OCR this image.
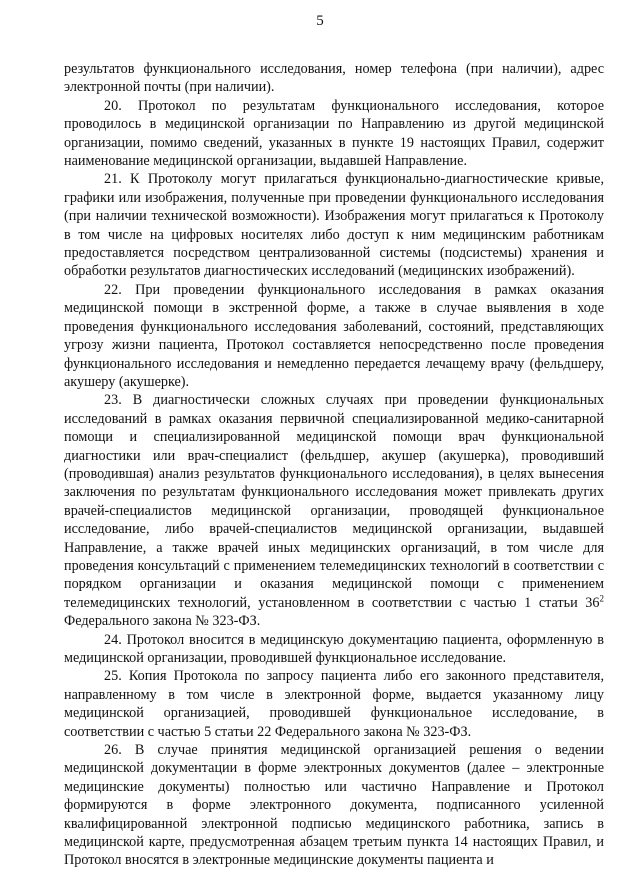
5

результатов функционального исследования, номер телефона (при наличии), адрес электронной почты (при наличии).

20. Протокол по результатам функционального исследования, которое проводилось в медицинской организации по Направлению из другой медицинской организации, помимо сведений, указанных в пункте 19 настоящих Правил, содержит наименование медицинской организации, выдавшей Направление.

21. К Протоколу могут прилагаться функционально-диагностические кривые, графики или изображения, полученные при проведении функционального исследования (при наличии технической возможности). Изображения могут прилагаться к Протоколу в том числе на цифровых носителях либо доступ к ним медицинским работникам предоставляется посредством централизованной системы (подсистемы) хранения и обработки результатов диагностических исследований (медицинских изображений).

22. При проведении функционального исследования в рамках оказания медицинской помощи в экстренной форме, а также в случае выявления в ходе проведения функционального исследования заболеваний, состояний, представляющих угрозу жизни пациента, Протокол составляется непосредственно после проведения функционального исследования и немедленно передается лечащему врачу (фельдшеру, акушеру (акушерке).

23. В диагностически сложных случаях при проведении функциональных исследований в рамках оказания первичной специализированной медико-санитарной помощи и специализированной медицинской помощи врач функциональной диагностики или врач-специалист (фельдшер, акушер (акушерка), проводивший (проводившая) анализ результатов функционального исследования), в целях вынесения заключения по результатам функционального исследования может привлекать других врачей-специалистов медицинской организации, проводящей функциональное исследование, либо врачей-специалистов медицинской организации, выдавшей Направление, а также врачей иных медицинских организаций, в том числе для проведения консультаций с применением телемедицинских технологий в соответствии с порядком организации и оказания медицинской помощи с применением телемедицинских технологий, установленном в соответствии с частью 1 статьи $36^2$ Федерального закона № 323-ФЗ.

24. Протокол вносится в медицинскую документацию пациента, оформленную в медицинской организации, проводившей функциональное исследование.

25. Копия Протокола по запросу пациента либо его законного представителя, направленному в том числе в электронной форме, выдается указанному лицу медицинской организацией, проводившей функциональное исследование, в соответствии с частью 5 статьи 22 Федерального закона № 323-ФЗ.

26. В случае принятия медицинской организацией решения о ведении медицинской документации в форме электронных документов (далее – электронные медицинские документы) полностью или частично Направление и Протокол формируются в форме электронного документа, подписанного усиленной квалифицированной электронной подписью медицинского работника, запись в медицинской карте, предусмотренная абзацем третьим пункта 14 настоящих Правил, и Протокол вносятся в электронные медицинские документы пациента и
